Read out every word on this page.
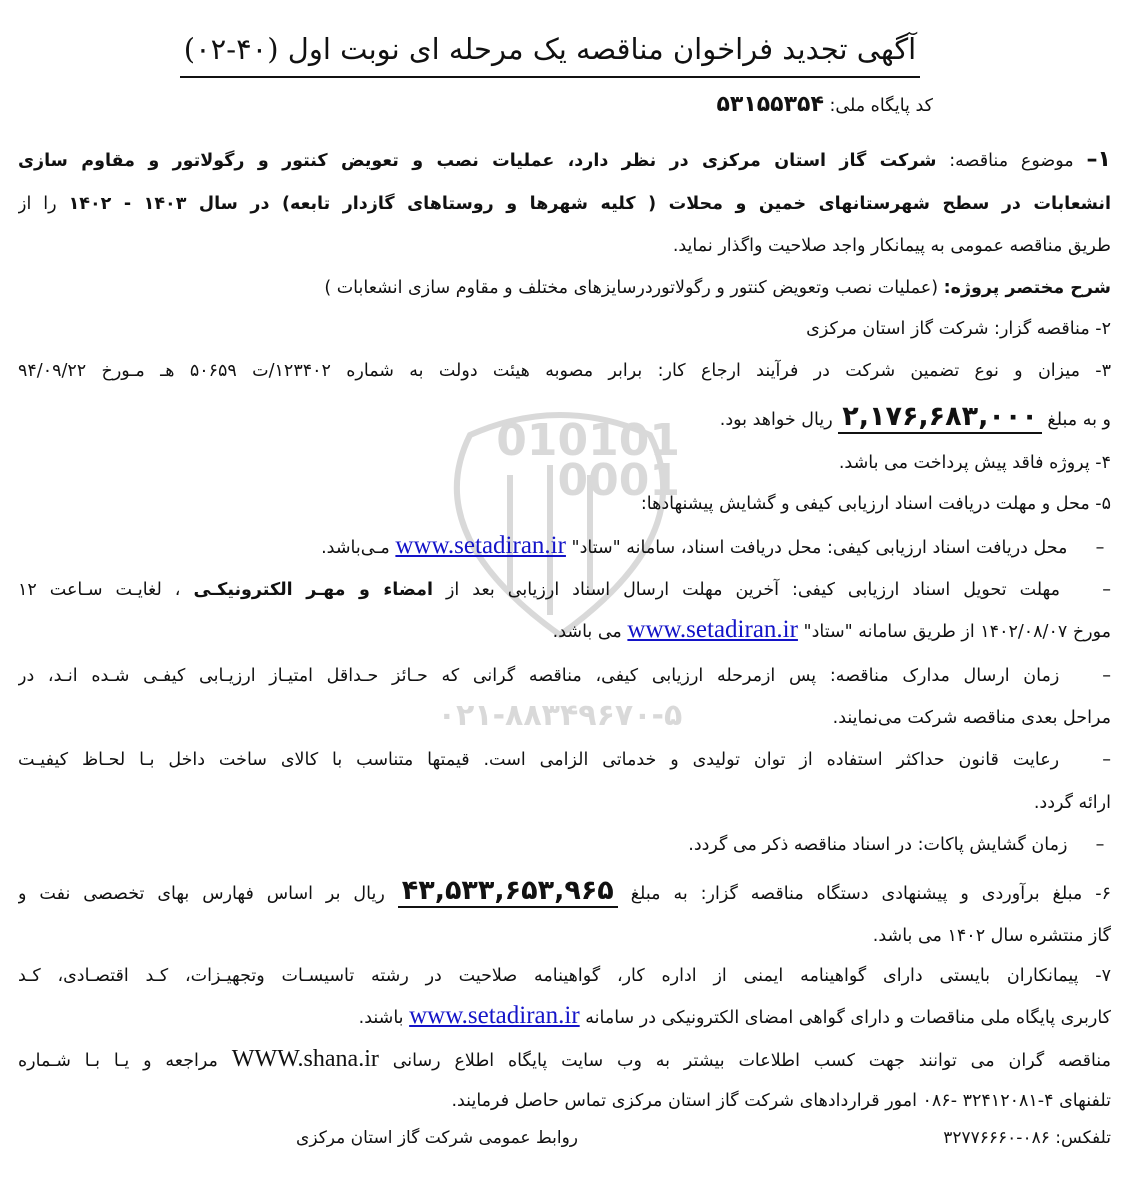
010101
0001
۰۲۱-۸۸۳۴۹۶۷۰-۵
آگهی تجدید فراخوان مناقصه یک مرحله ای نوبت اول (۴۰-۰۲)
کد پایگاه ملی: ۵۳۱۵۵۳۵۴
۱– موضوع مناقصه: شرکت گاز استان مرکزی در نظر دارد، عملیات نصب و تعویض کنتور و رگولاتور و مقاوم سازی
انشعابات در سطح شهرستانهای خمین و محلات ( کلیه شهرها و روستاهای گازدار تابعه) در سال ۱۴۰۳ - ۱۴۰۲ را از
طریق مناقصه عمومی به پیمانکار واجد صلاحیت واگذار نماید.
شرح مختصر پروژه: (عملیات نصب وتعویض کنتور و رگولاتوردرسایزهای مختلف و مقاوم سازی انشعابات )
۲- مناقصه گزار: شرکت گاز استان مرکزی
۳- میزان و نوع تضمین شرکت در فرآیند ارجاع کار: برابر مصوبه هیئت دولت به شماره ۱۲۳۴۰۲/ت ۵۰۶۵۹ هـ مـورخ ۹۴/۰۹/۲۲
و به مبلغ ۲,۱۷۶,۶۸۳,۰۰۰ ریال خواهد بود.
۴- پروژه فاقد پیش پرداخت می باشد.
۵- محل و مهلت دریافت اسناد ارزیابی کیفی و گشایش پیشنهادها:
– محل دریافت اسناد ارزیابی کیفی: محل دریافت اسناد، سامانه "ستاد" www.setadiran.ir مـی‌باشد.
– مهلت تحویل اسناد ارزیابی کیفی: آخرین مهلت ارسال اسناد ارزیابی بعد از امضاء و مهـر الکترونیکـی ، لغایـت سـاعت ۱۲
مورخ ۱۴۰۲/۰۸/۰۷ از طریق سامانه "ستاد" www.setadiran.ir می باشد.
– زمان ارسال مدارک مناقصه: پس ازمرحله ارزیابی کیفی، مناقصه گرانی که حـائز حـداقل امتیـاز ارزیـابی کیفـی شـده انـد، در
مراحل بعدی مناقصه شرکت می‌نمایند.
– رعایت قانون حداکثر استفاده از توان تولیدی و خدماتی الزامی است. قیمتها متناسب با کالای ساخت داخل بـا لحـاظ کیفیـت
ارائه گردد.
– زمان گشایش پاکات: در اسناد مناقصه ذکر می گردد.
۶- مبلغ برآوردی و پیشنهادی دستگاه مناقصه گزار: به مبلغ ۴۳,۵۳۳,۶۵۳,۹۶۵ ریال بر اساس فهارس بهای تخصصی نفت و
گاز منتشره سال ۱۴۰۲ می باشد.
۷- پیمانکاران بایستی دارای گواهینامه ایمنی از اداره کار، گواهینامه صلاحیت در رشته تاسیسـات وتجهیـزات، کـد اقتصـادی، کـد
کاربری پایگاه ملی مناقصات و دارای گواهی امضای الکترونیکی در سامانه www.setadiran.ir باشند.
مناقصه گران می توانند جهت کسب اطلاعات بیشتر به وب سایت پایگاه اطلاع رسانی WWW.shana.ir مراجعه و یـا بـا شـماره
تلفنهای ۴-۳۲۴۱۲۰۸۱ -۰۸۶ امور قراردادهای شرکت گاز استان مرکزی تماس حاصل فرمایند.
تلفکس: ۰۸۶-۳۲۷۷۶۶۶۰
روابط عمومی شرکت گاز استان مرکزی
